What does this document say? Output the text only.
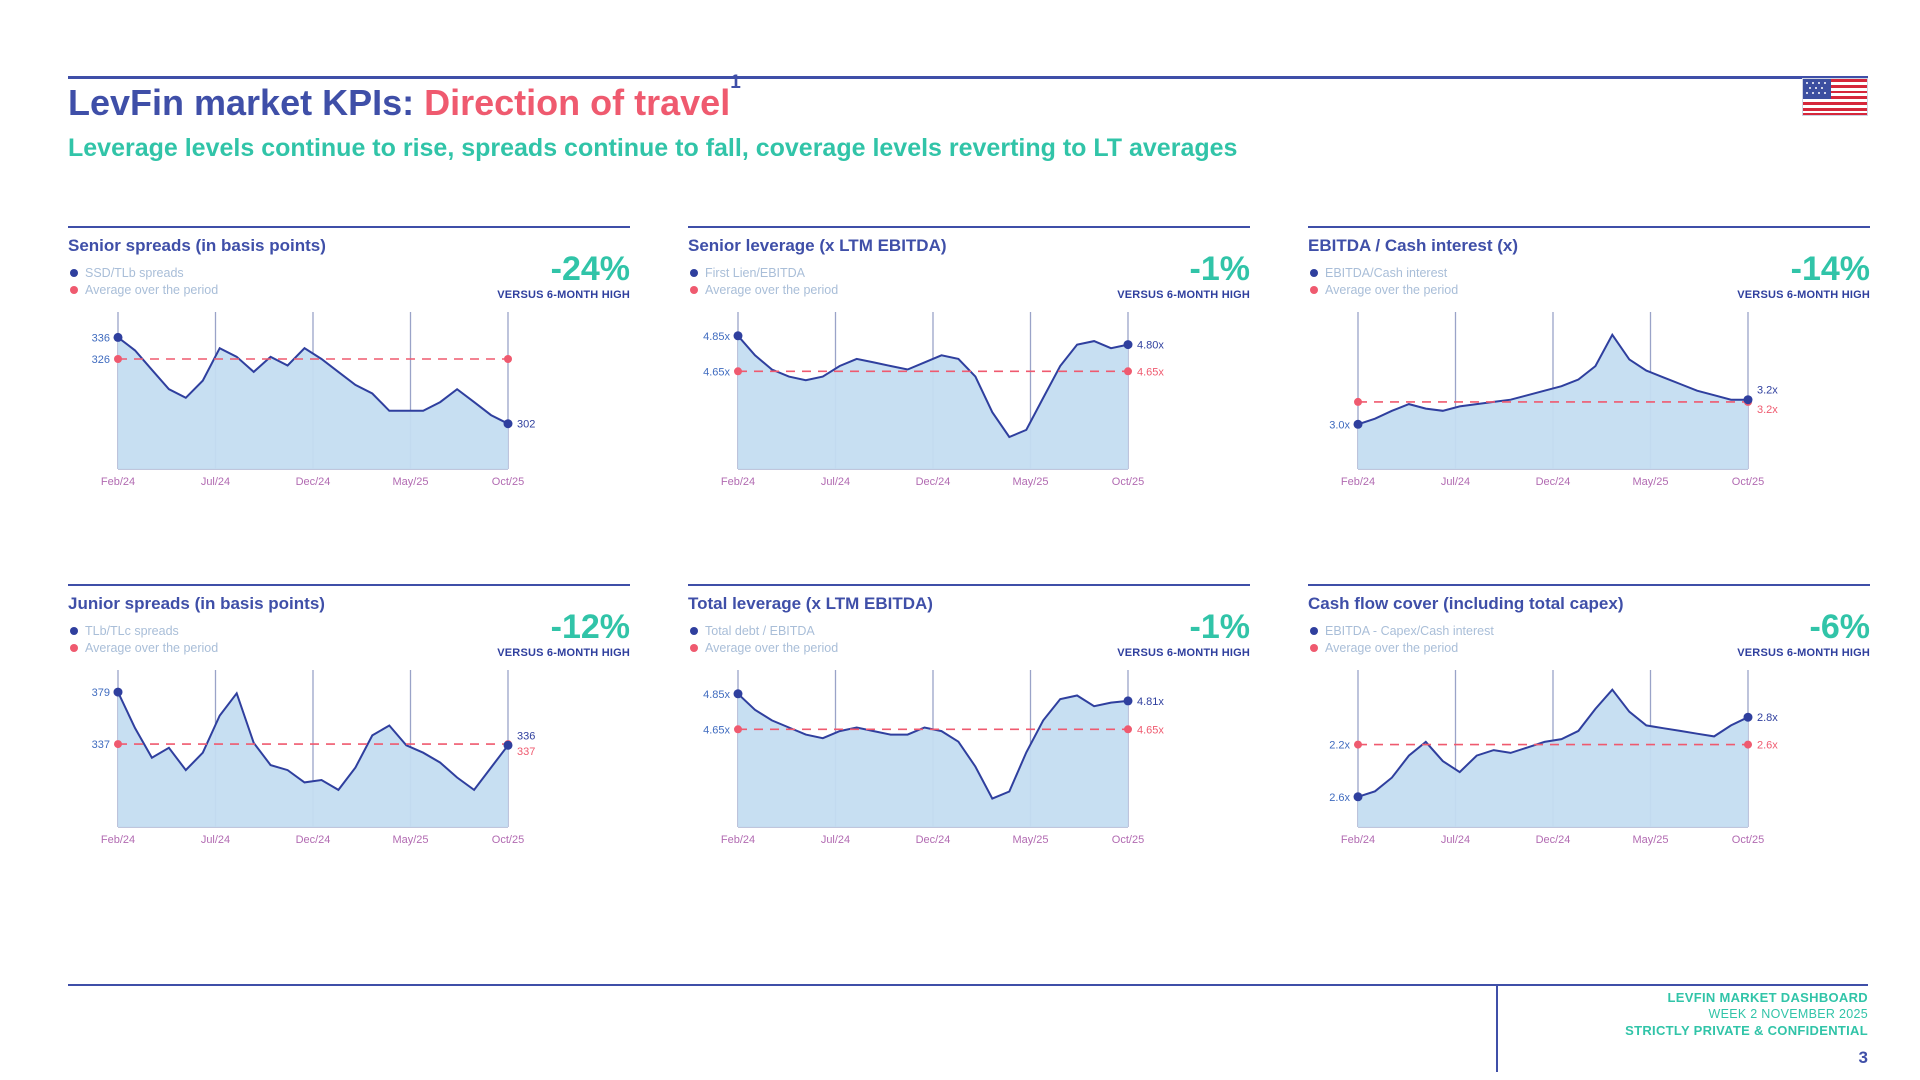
LevFin market KPIs: Direction of travel$^1$
Leverage levels continue to rise, spreads continue to fall, coverage levels reverting to LT averages
Senior spreads (in basis points)
SSD/TLb spreads
Average over the period
-24%
VERSUS 6-MONTH HIGH
336
326
302
Feb/24	Jul/24	Dec/24	May/25	Oct/25
Senior leverage (x LTM EBITDA)
First Lien/EBITDA
Average over the period
-1%
VERSUS 6-MONTH HIGH
4.85x
4.65x
4.80x
4.65x
Feb/24	Jul/24	Dec/24	May/25	Oct/25
EBITDA / Cash interest (x)
EBITDA/Cash interest
Average over the period
-14%
VERSUS 6-MONTH HIGH
3.0x
3.2x
3.2x
Feb/24	Jul/24	Dec/24	May/25	Oct/25
Junior spreads (in basis points)
TLb/TLc spreads
Average over the period
-12%
VERSUS 6-MONTH HIGH
379
337
336
337
Feb/24	Jul/24	Dec/24	May/25	Oct/25
Total leverage (x LTM EBITDA)
Total debt / EBITDA
Average over the period
-1%
VERSUS 6-MONTH HIGH
4.85x
4.65x
4.81x
4.65x
Feb/24	Jul/24	Dec/24	May/25	Oct/25
Cash flow cover (including total capex)
EBITDA - Capex/Cash interest
Average over the period
-6%
VERSUS 6-MONTH HIGH
2.6x
2.2x
2.8x
2.6x
Feb/24	Jul/24	Dec/24	May/25	Oct/25
LEVFIN MARKET DASHBOARD
WEEK 2 NOVEMBER 2025
STRICTLY PRIVATE & CONFIDENTIAL
3
